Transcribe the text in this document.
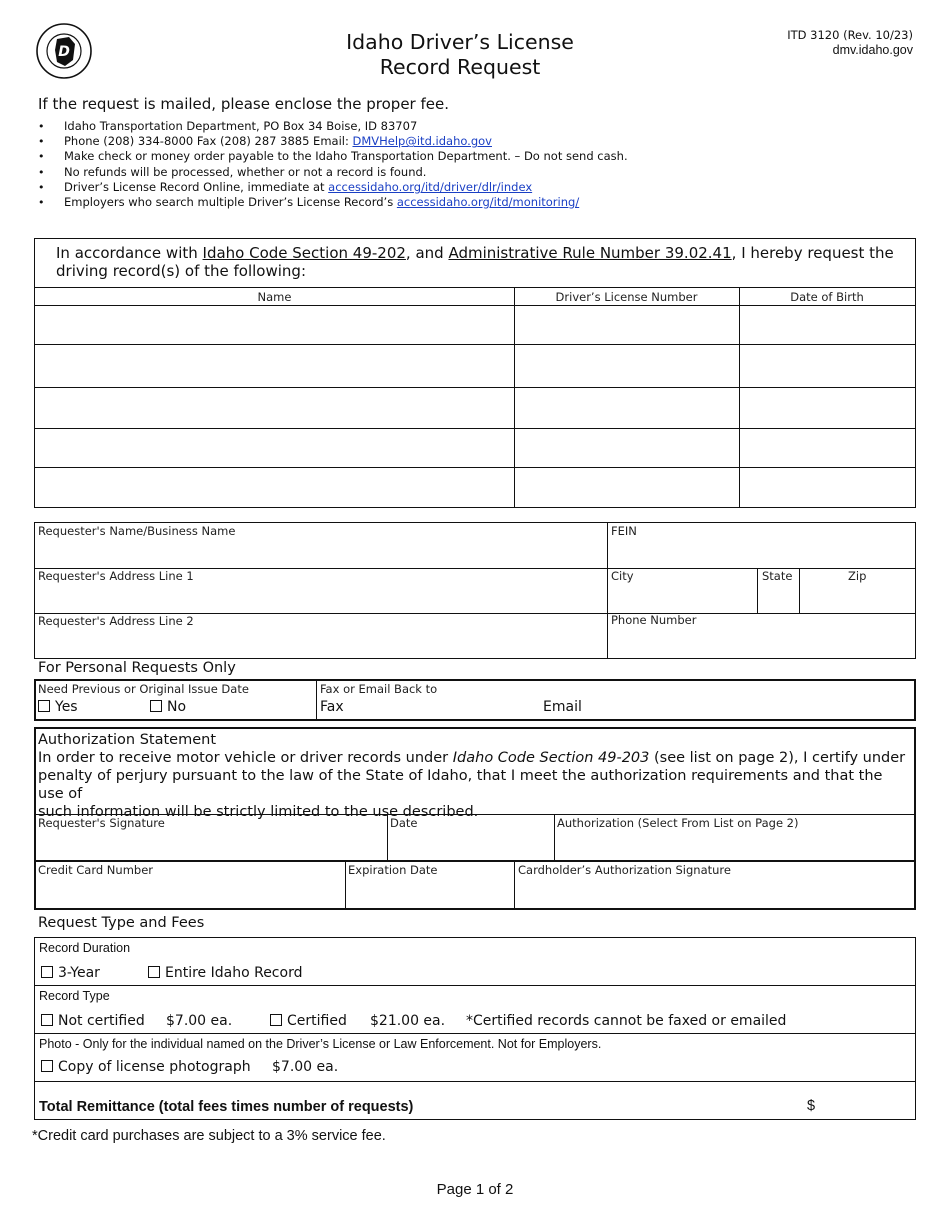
D	Idaho Driver’s License
Record Request
ITD 3120 (Rev. 10/23)
dmv.idaho.gov
If the request is mailed, please enclose the proper fee.
• Idaho Transportation Department, PO Box 34 Boise, ID 83707
• Phone (208) 334-8000 Fax (208) 287 3885 Email: DMVHelp@itd.idaho.gov
• Make check or money order payable to the Idaho Transportation Department. – Do not send cash.
• No refunds will be processed, whether or not a record is found.
• Driver’s License Record Online, immediate at accessidaho.org/itd/driver/dlr/index
• Employers who search multiple Driver’s License Record’s accessidaho.org/itd/monitoring/
In accordance with Idaho Code Section 49-202, and Administrative Rule Number 39.02.41, I hereby request the
driving record(s) of the following:
Name	Driver’s License Number	Date of Birth
Requester's Name/Business Name	FEIN
Requester's Address Line 1	City	State	Zip
Requester's Address Line 2	Phone Number
For Personal Requests Only
Need Previous or Original Issue Date	Fax or Email Back to
Yes	No	Fax	Email
Authorization Statement
In order to receive motor vehicle or driver records under Idaho Code Section 49-203 (see list on page 2), I certify under
penalty of perjury pursuant to the law of the State of Idaho, that I meet the authorization requirements and that the use of
such information will be strictly limited to the use described.
Requester's Signature	Date	Authorization (Select From List on Page 2)
Credit Card Number	Expiration Date	Cardholder’s Authorization Signature
Request Type and Fees
Record Duration
3-Year	Entire Idaho Record
Record Type
Not certified $7.00 ea.	Certified $21.00 ea. *Certified records cannot be faxed or emailed
Photo - Only for the individual named on the Driver’s License or Law Enforcement. Not for Employers.
Copy of license photograph $7.00 ea.
Total Remittance (total fees times number of requests)	$
*Credit card purchases are subject to a 3% service fee.
Page 1 of 2
